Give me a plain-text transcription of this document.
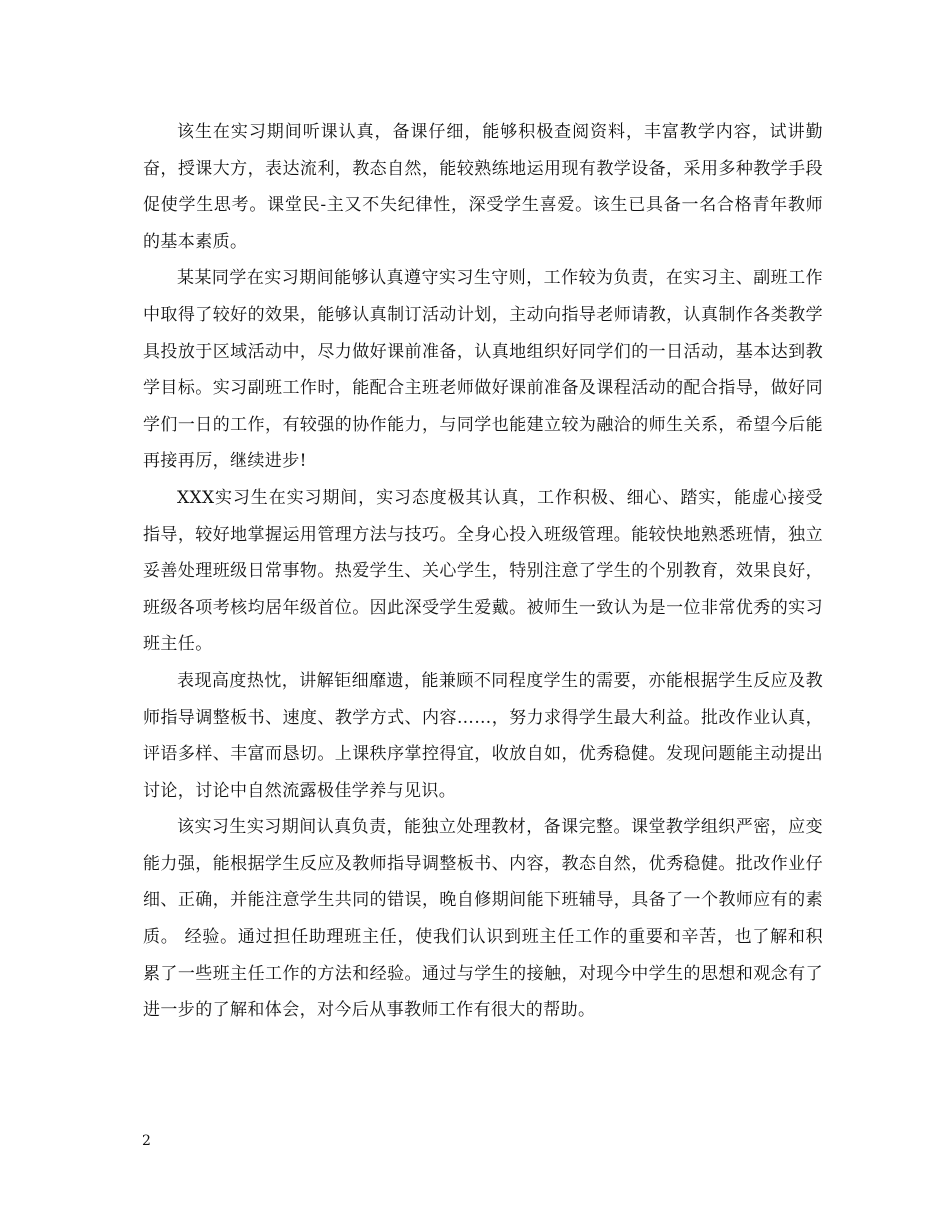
该生在实习期间听课认真，备课仔细，能够积极查阅资料，丰富教学内容，试讲勤奋，授课大方，表达流利，教态自然，能较熟练地运用现有教学设备，采用多种教学手段促使学生思考。课堂民-主又不失纪律性，深受学生喜爱。该生已具备一名合格青年教师的基本素质。

某某同学在实习期间能够认真遵守实习生守则，工作较为负责，在实习主、副班工作中取得了较好的效果，能够认真制订活动计划，主动向指导老师请教，认真制作各类教学具投放于区域活动中，尽力做好课前准备，认真地组织好同学们的一日活动，基本达到教学目标。实习副班工作时，能配合主班老师做好课前准备及课程活动的配合指导，做好同学们一日的工作，有较强的协作能力，与同学也能建立较为融洽的师生关系，希望今后能再接再厉，继续进步!

XXX实习生在实习期间，实习态度极其认真，工作积极、细心、踏实，能虚心接受指导，较好地掌握运用管理方法与技巧。全身心投入班级管理。能较快地熟悉班情，独立妥善处理班级日常事物。热爱学生、关心学生，特别注意了学生的个别教育，效果良好，班级各项考核均居年级首位。因此深受学生爱戴。被师生一致认为是一位非常优秀的实习班主任。

表现高度热忱，讲解钜细靡遗，能兼顾不同程度学生的需要，亦能根据学生反应及教师指导调整板书、速度、教学方式、内容……，努力求得学生最大利益。批改作业认真，评语多样、丰富而恳切。上课秩序掌控得宜，收放自如，优秀稳健。发现问题能主动提出讨论，讨论中自然流露极佳学养与见识。

该实习生实习期间认真负责，能独立处理教材，备课完整。课堂教学组织严密，应变能力强，能根据学生反应及教师指导调整板书、内容，教态自然，优秀稳健。批改作业仔细、正确，并能注意学生共同的错误，晚自修期间能下班辅导，具备了一个教师应有的素质。 经验。通过担任助理班主任，使我们认识到班主任工作的重要和辛苦，也了解和积累了一些班主任工作的方法和经验。通过与学生的接触，对现今中学生的思想和观念有了进一步的了解和体会，对今后从事教师工作有很大的帮助。

2
